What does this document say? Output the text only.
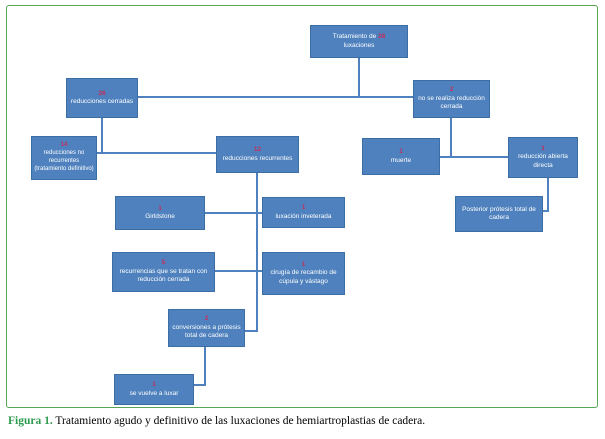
Tratamiento de 28
luxaciones
26
reducciones cerradas
2
no se realiza reducción cerrada
14
reducciones no recurrentes (tratamiento definitivo)
12
reducciones recurrentes
1
muerte
1
reducción abierta directa
Posterior prótesis total de cadera
1
Girldstone
1
luxación inveterada
5
recurrencias que se tratan con reducción cerrada
1
cirugía de recambio de cúpula y vástago
2
conversiones a prótesis total de cadera
1
se vuelve a luxar
Figura 1. Tratamiento agudo y definitivo de las luxaciones de hemiartroplastias de cadera.
